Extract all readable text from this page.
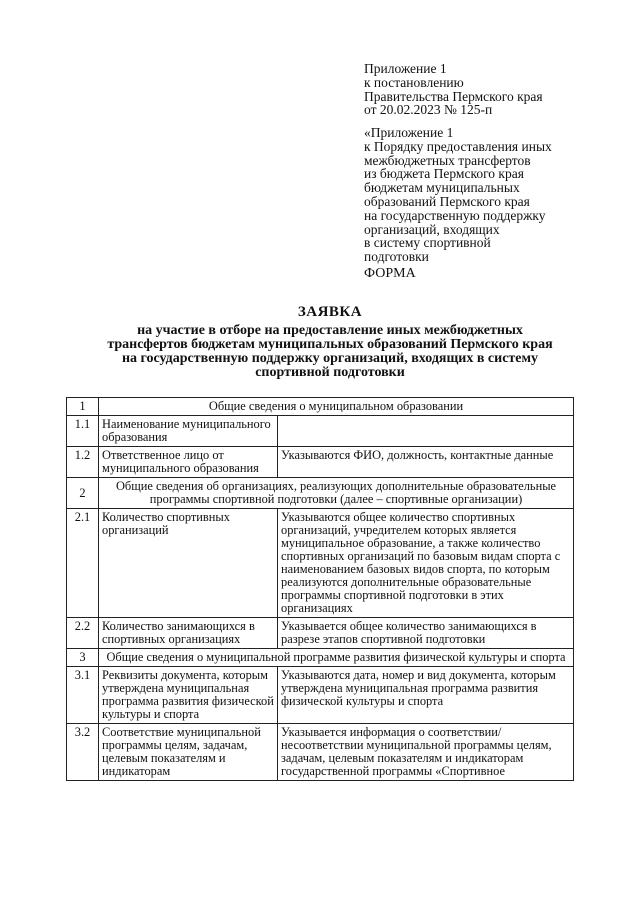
Приложение 1
к постановлению
Правительства Пермского края
от 20.02.2023 № 125-п
«Приложение 1
к Порядку предоставления иных
межбюджетных трансфертов
из бюджета Пермского края
бюджетам муниципальных
образований Пермского края
на государственную поддержку
организаций, входящих
в систему спортивной
подготовки
ФОРМА
ЗАЯВКА
на участие в отборе на предоставление иных межбюджетных
трансфертов бюджетам муниципальных образований Пермского края
на государственную поддержку организаций, входящих в систему
спортивной подготовки
1	Общие сведения о муниципальном образовании	
1.1	Наименование муниципального образования	
1.2	Ответственное лицо от муниципального образования	Указываются ФИО, должность, контактные данные
2	Общие сведения об организациях, реализующих дополнительные образовательные программы спортивной подготовки (далее – спортивные организации)	
2.1	Количество спортивных организаций	Указываются общее количество спортивных организаций, учредителем которых является муниципальное образование, а также количество спортивных организаций по базовым видам спорта с наименованием базовых видов спорта, по которым реализуются дополнительные образовательные программы спортивной подготовки в этих организациях
2.2	Количество занимающихся в спортивных организациях	Указывается общее количество занимающихся в разрезе этапов спортивной подготовки
3	Общие сведения о муниципальной программе развития физической культуры и спорта	
3.1	Реквизиты документа, которым утверждена муниципальная программа развития физической культуры и спорта	Указываются дата, номер и вид документа, которым утверждена муниципальная программа развития физической культуры и спорта
3.2	Соответствие муниципальной программы целям, задачам, целевым показателям и индикаторам	Указывается информация о соответствии/ несоответствии муниципальной программы целям, задачам, целевым показателям и индикаторам государственной программы «Спортивное
